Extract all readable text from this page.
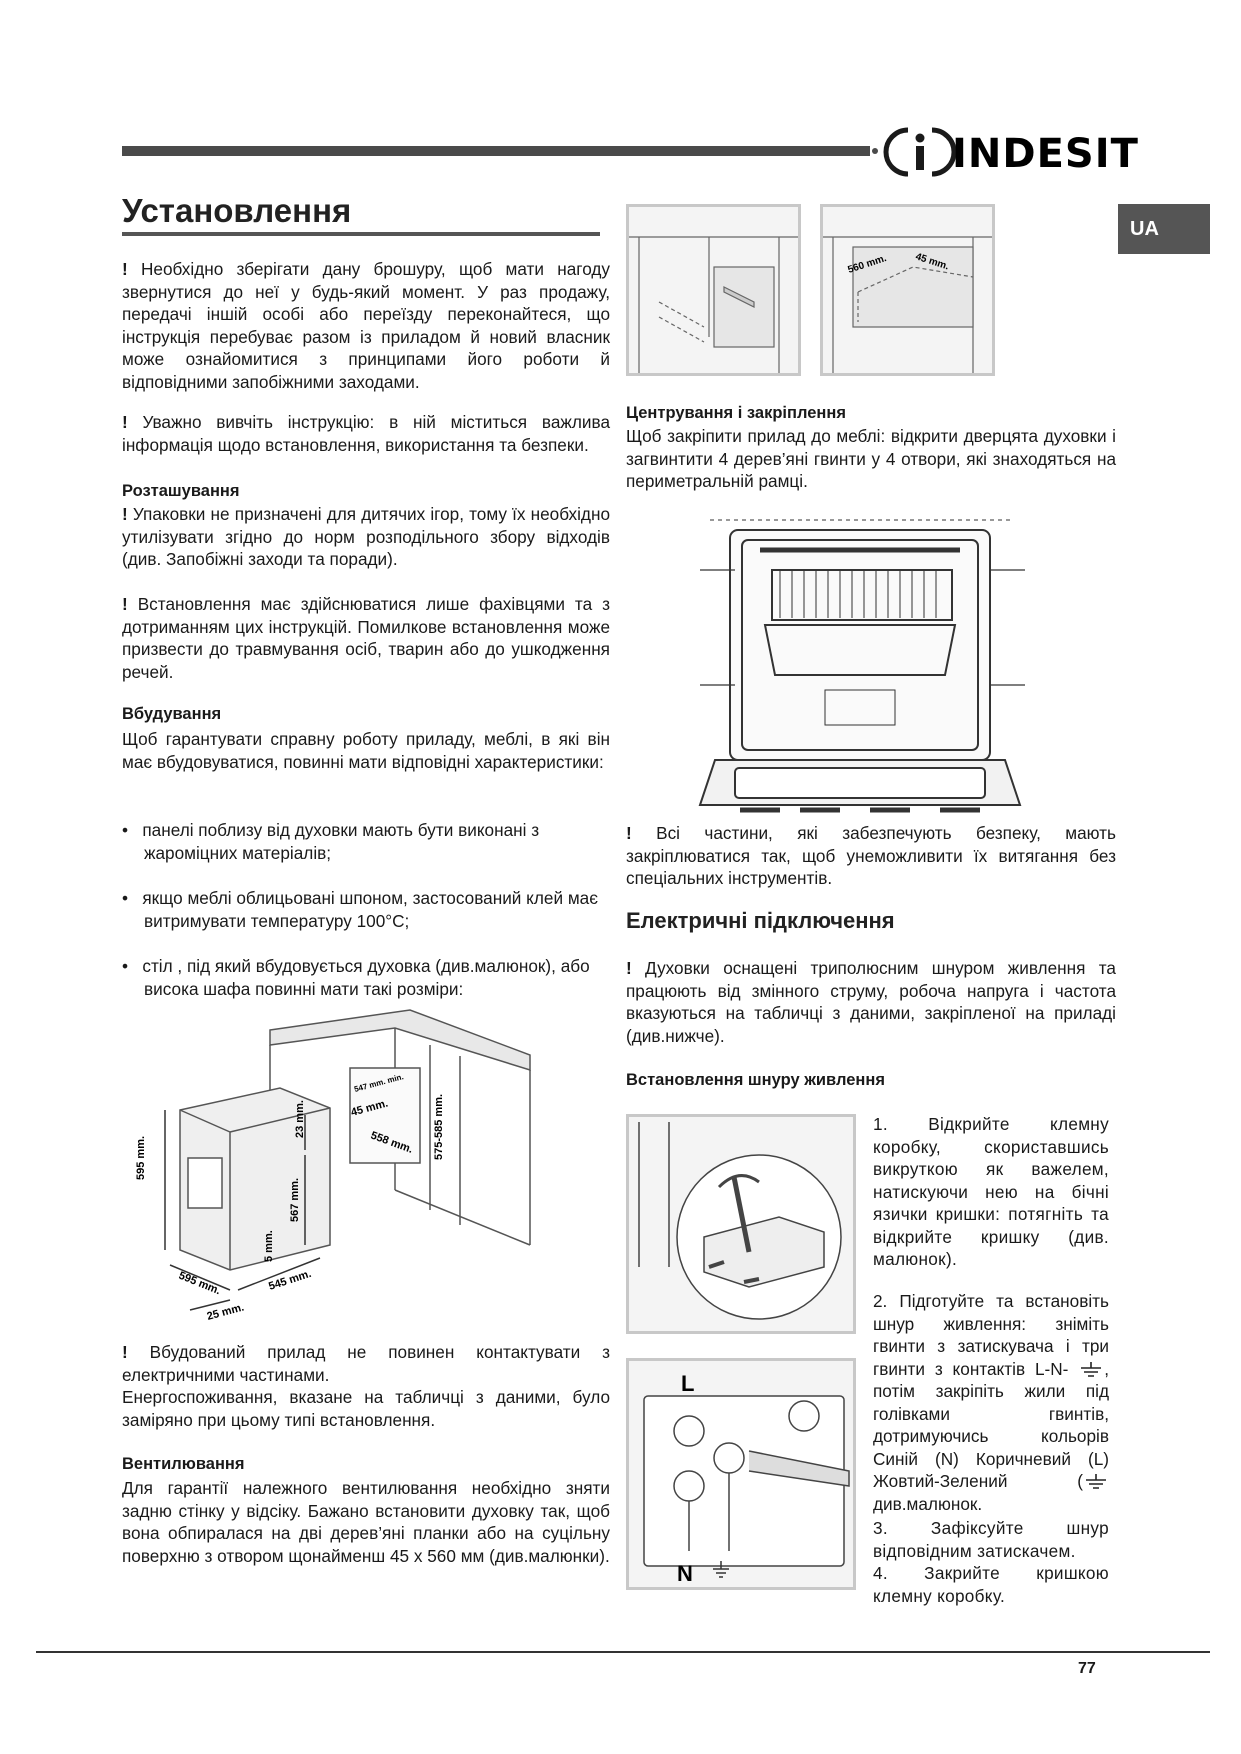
INDESIT
UA
Установлення

! Необхідно зберігати дану брошуру, щоб мати нагоду звернутися до неї у будь-який момент. У раз продажу, передачі іншій особі або переїзду переконайтеся, що інструкція перебуває разом із приладом й новий власник може ознайомитися з принципами його роботи й відповідними запобіжними заходами.

! Уважно вивчіть інструкцію: в ній міститься важлива інформація щодо встановлення, використання та безпеки.

Розташування

! Упаковки не призначені для дитячих ігор, тому їх необхідно утилізувати згідно до норм розподільного збору відходів (див. Запобіжні заходи та поради).

! Встановлення має здійснюватися лише фахівцями та з дотриманням цих інструкцій. Помилкове встановлення може призвести до травмування осіб, тварин або до ушкодження речей.

Вбудування

Щоб гарантувати справну роботу приладу, меблі, в які він має вбудовуватися, повинні мати відповідні характеристики:

•   панелі поблизу від духовки мають бути виконані з жароміцних матеріалів;

•   якщо меблі облицьовані шпоном, застосований клей має витримувати температуру 100°С;

•   стіл , під який вбудовується духовка (див.малюнок), або висока шафа повинні мати такі розміри:

595 mm.
23 mm.
567 mm.
5 mm.
595 mm.	545 mm.
25 mm.
547 mm. min.
45 mm.
558 mm. 575-585 mm.

! Вбудований прилад не повинен контактувати з електричними частинами.

Енергоспоживання, вказане на табличці з даними, було заміряно при цьому типі встановлення.

Вентилювання

Для гарантії належного вентилювання необхідно зняти задню стінку у відсіку. Бажано встановити духовку так, щоб вона обпиралася на дві дерев’яні планки або на суцільну поверхню з отвором щонайменш 45 х 560 мм (див.малюнки).

560 mm.	45 mm.

Центрування і закріплення

Щоб закріпити прилад до меблі: відкрити дверцята духовки і загвинтити 4 дерев’яні гвинти у 4 отвори, які знаходяться на периметральній рамці.

! Всі частини, які забезпечують безпеку, мають закріплюватися так, щоб унеможливити їх витягання без спеціальних інструментів.

Електричні підключення

! Духовки оснащені триполюсним шнуром живлення та працюють від змінного струму, робоча напруга і частота вказуються на табличці з даними, закріпленої на приладі (див.нижче).

Встановлення шнуру живлення

L
N

1. Відкрийте клемну коробку, скориставшись викруткою як важелем, натискуючи нею на бічні язички кришки: потягніть та відкрийте кришку (див. малюнок).

2. Підготуйте та встановіть шнур живлення: зніміть гвинти з затискувача і три гвинти з контактів L-N- , потім закріпіть жили під голівками гвинтів, дотримуючись кольорів Синій (N) Коричневий (L) Жовтий-Зелений ( див.малюнок.

3. Зафіксуйте шнур відповідним затискачем.

4. Закрийте кришкою клемну коробку.

77
